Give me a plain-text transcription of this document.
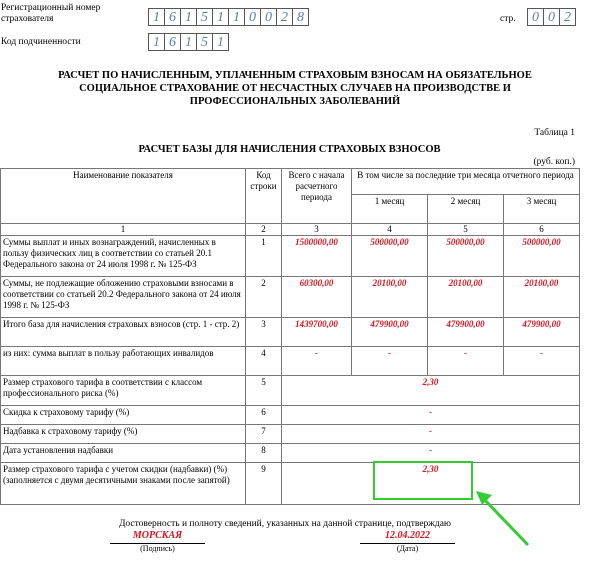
Регистрационный номер страхователя	1 6 1 5 1 1 0 0 2 8	стр.	0 0 2
Код подчиненности	1 6 1 5 1
РАСЧЕТ ПО НАЧИСЛЕННЫМ, УПЛАЧЕННЫМ СТРАХОВЫМ ВЗНОСАМ НА ОБЯЗАТЕЛЬНОЕ СОЦИАЛЬНОЕ СТРАХОВАНИЕ ОТ НЕСЧАСТНЫХ СЛУЧАЕВ НА ПРОИЗВОДСТВЕ И ПРОФЕССИОНАЛЬНЫХ ЗАБОЛЕВАНИЙ
Таблица 1
РАСЧЕТ БАЗЫ ДЛЯ НАЧИСЛЕНИЯ СТРАХОВЫХ ВЗНОСОВ
(руб. коп.)
Наименование показателя	Код строки	Всего с начала расчетного периода	В том числе за последние три месяца отчетного периода		
			1 месяц	2 месяц	3 месяц
1	2	3	4	5	6
Суммы выплат и иных вознаграждений, начисленных в пользу физических лиц в соответствии со статьей 20.1 Федерального закона от 24 июля 1998 г. № 125-ФЗ	1	1500000,00	500000,00	500000,00	500000,00
Суммы, не подлежащие обложению страховыми взносами в соответствии со статьей 20.2 Федерального закона от 24 июля 1998 г. № 125-ФЗ	2	60300,00	20100,00	20100,00	20100,00
Итого база для начисления страховых взносов (стр. 1 - стр. 2)	3	1439700,00	479900,00	479900,00	479900,00
из них: сумма выплат в пользу работающих инвалидов	4	-	-	-	-
Размер страхового тарифа в соответствии с классом профессионального риска (%)	5	2,30			
Скидка к страховому тарифу (%)	6	-			
Надбавка к страховому тарифу (%)	7	-			
Дата установления надбавки	8	-			
Размер страхового тарифа с учетом скидки (надбавки) (%) (заполняется с двумя десятичными знаками после запятой)	9	2,30			
Достоверность и полноту сведений, указанных на данной странице, подтверждаю
МОРСКАЯ
(Подпись)
12.04.2022
(Дата)
